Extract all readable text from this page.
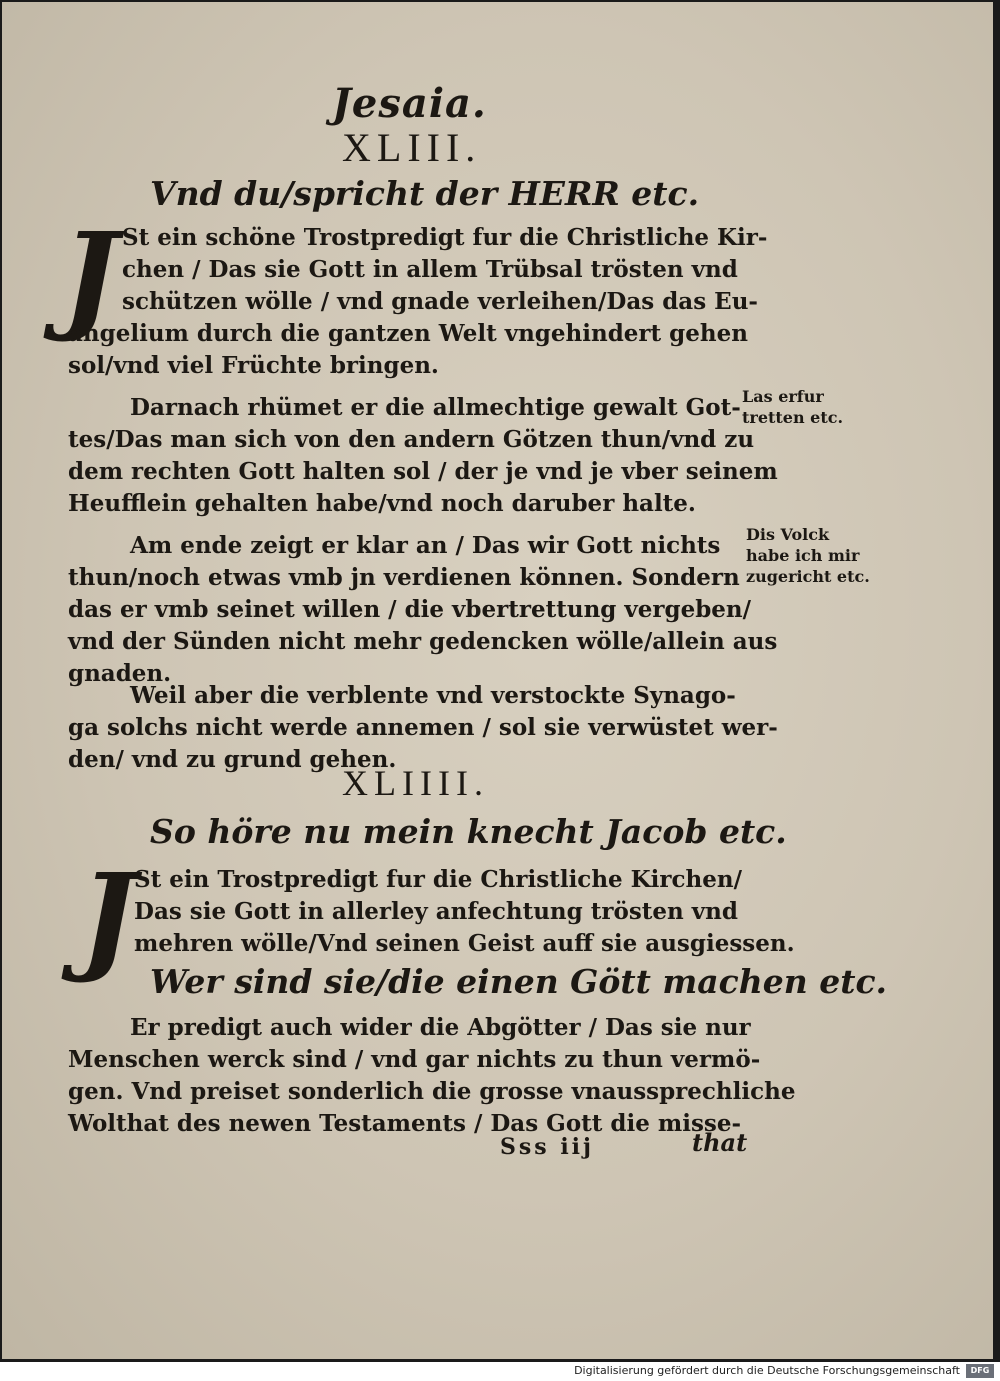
Jesaia.
XLIII.
Vnd du/spricht der HERR etc.
J St ein schöne Trostpredigt fur die Christliche Kir-
chen / Das sie Gott in allem Trübsal trösten vnd
schützen wölle / vnd gnade verleihen/Das das Eu-
angelium durch die gantzen Welt vngehindert gehen
sol/vnd viel Früchte bringen.
Darnach rhümet er die allmechtige gewalt Got-
tes/Das man sich von den andern Götzen thun/vnd zu
dem rechten Gott halten sol / der je vnd je vber seinem
Heufflein gehalten habe/vnd noch daruber halte.
Las erfur tretten etc.
Am ende zeigt er klar an / Das wir Gott nichts
thun/noch etwas vmb jn verdienen können. Sondern
das er vmb seinet willen / die vbertrettung vergeben/
vnd der Sünden nicht mehr gedencken wölle/allein aus
gnaden.
Dis Volck habe ich mir zugericht etc.
Weil aber die verblente vnd verstockte Synago-
ga solchs nicht werde annemen / sol sie verwüstet wer-
den/ vnd zu grund gehen.
XLIIII.
So höre nu mein knecht Jacob etc.
J
St ein Trostpredigt fur die Christliche Kirchen/
Das sie Gott in allerley anfechtung trösten vnd
mehren wölle/Vnd seinen Geist auff sie ausgiessen.
Wer sind sie/die einen Gött machen etc.
Er predigt auch wider die Abgötter / Das sie nur
Menschen werck sind / vnd gar nichts zu thun vermö-
gen. Vnd preiset sonderlich die grosse vnaussprechliche
Wolthat des newen Testaments / Das Gott die misse-
Sss iij	that
Digitalisierung gefördert durch die Deutsche Forschungsgemeinschaft	DFG
